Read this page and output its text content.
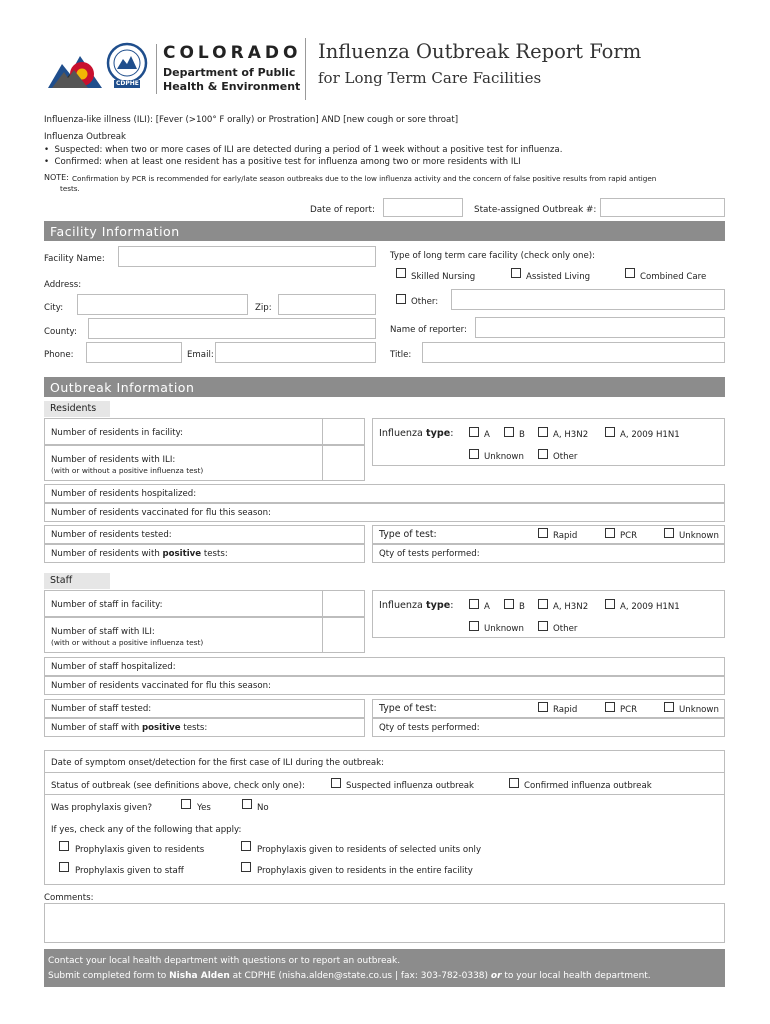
CDPHE
COLORADO
Department of Public
Health & Environment
Influenza Outbreak Report Form
for Long Term Care Facilities
Influenza-like illness (ILI): [Fever (>100° F orally) or Prostration] AND [new cough or sore throat]
Influenza Outbreak
•  Suspected: when two or more cases of ILI are detected during a period of 1 week without a positive test for influenza.
•  Confirmed: when at least one resident has a positive test for influenza among two or more residents with ILI
NOTE: Confirmation by PCR is recommended for early/late season outbreaks due to the low influenza activity and the concern of false positive results from rapid antigen
tests.
Date of report:	State-assigned Outbreak #:
Facility Information
Facility Name:
Address:
City:	Zip:
County:
Phone:	Email:
Type of long term care facility (check only one):
Skilled Nursing	Assisted Living	Combined Care
Other:
Name of reporter:
Title:
Outbreak Information
Residents
Number of residents in facility:
Number of residents with ILI:
(with or without a positive influenza test)
Number of residents hospitalized:
Number of residents vaccinated for flu this season:
Number of residents tested:
Number of residents with positive tests:
Influenza type:	A	B	A, H3N2	A, 2009 H1N1
Unknown	Other
Type of test:	Rapid	PCR	Unknown
Qty of tests performed:
Staff
Number of staff in facility:
Number of staff with ILI:
(with or without a positive influenza test)
Number of staff hospitalized:
Number of residents vaccinated for flu this season:
Number of staff tested:
Number of staff with positive tests:
Influenza type:	A	B	A, H3N2	A, 2009 H1N1
Unknown	Other
Type of test:	Rapid	PCR	Unknown
Qty of tests performed:
Date of symptom onset/detection for the first case of ILI during the outbreak:
Status of outbreak (see definitions above, check only one):	Suspected influenza outbreak	Confirmed influenza outbreak
Was prophylaxis given?	Yes	No
If yes, check any of the following that apply:
Prophylaxis given to residents	Prophylaxis given to residents of selected units only
Prophylaxis given to staff	Prophylaxis given to residents in the entire facility
Comments:
Contact your local health department with questions or to report an outbreak.
Submit completed form to Nisha Alden at CDPHE (nisha.alden@state.co.us | fax: 303-782-0338) or to your local health department.
